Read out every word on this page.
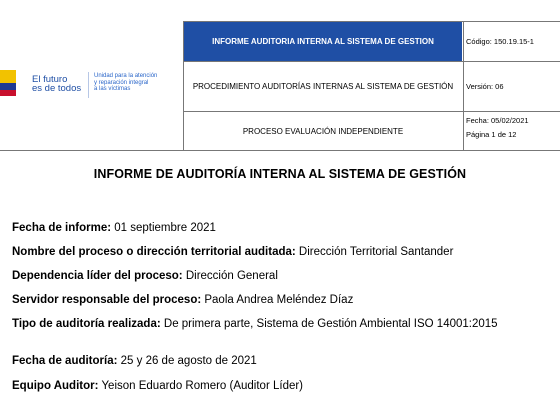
El futuro
es de todos
Unidad para la atención
y reparación integral
a las víctimas
INFORME AUDITORIA INTERNA AL SISTEMA DE GESTION
PROCEDIMIENTO AUDITORÍAS INTERNAS AL SISTEMA DE GESTIÓN
PROCESO EVALUACIÓN INDEPENDIENTE
Código: 150.19.15-1
Versión: 06
Fecha: 05/02/2021
Página 1 de 12
INFORME DE AUDITORÍA INTERNA AL SISTEMA DE GESTIÓN
Fecha de informe: 01 septiembre 2021
Nombre del proceso o dirección territorial auditada: Dirección Territorial Santander
Dependencia líder del proceso: Dirección General
Servidor responsable del proceso: Paola Andrea Meléndez Díaz
Tipo de auditoría realizada: De primera parte, Sistema de Gestión Ambiental ISO 14001:2015
Fecha de auditoría: 25 y 26 de agosto de 2021
Equipo Auditor: Yeison Eduardo Romero (Auditor Líder)
